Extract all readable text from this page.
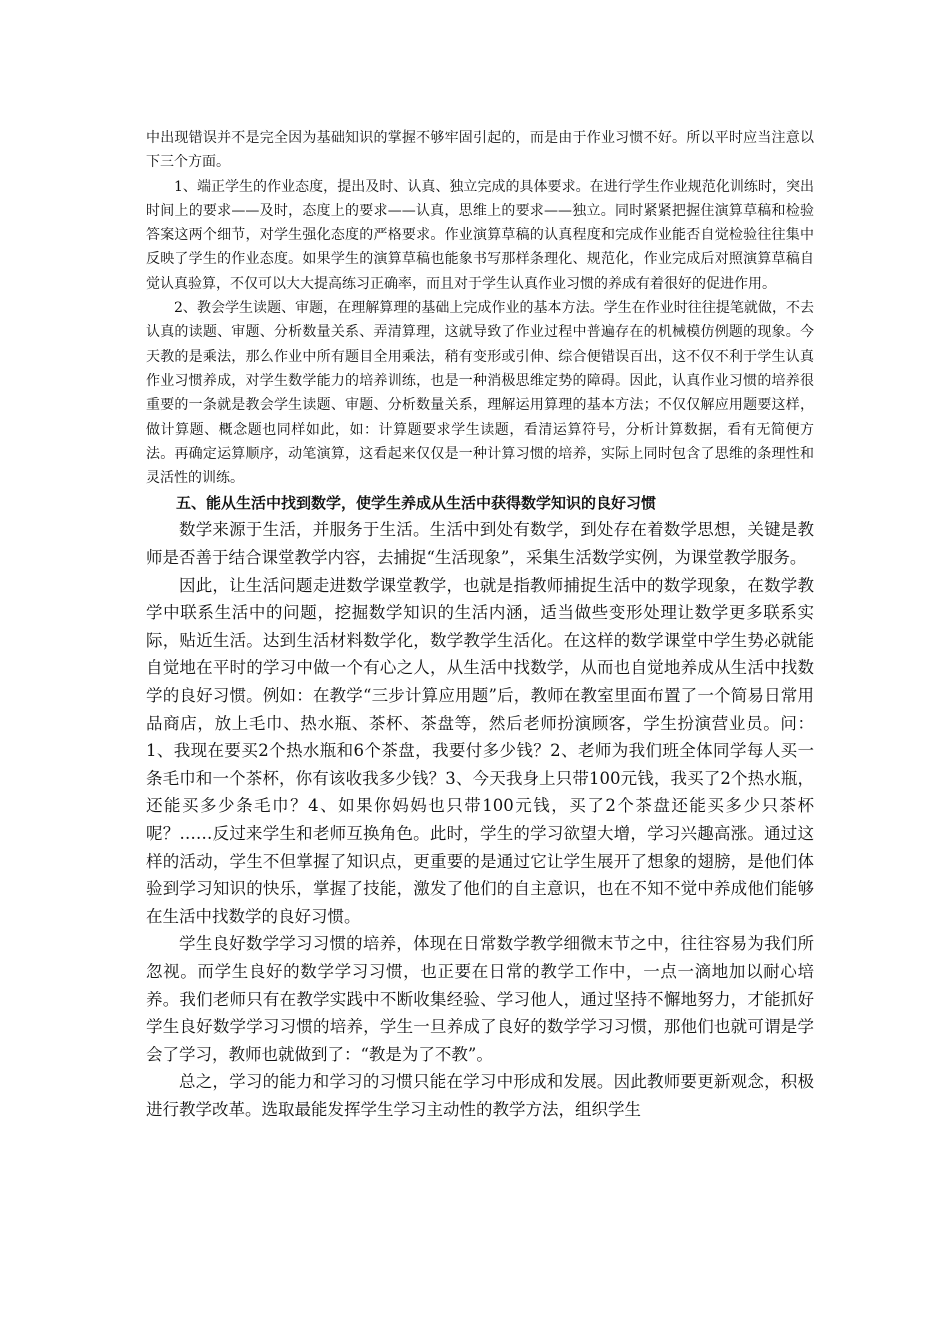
中出现错误并不是完全因为基础知识的掌握不够牢固引起的，而是由于作业习惯不好。所以平时应当注意以下三个方面。

1、端正学生的作业态度，提出及时、认真、独立完成的具体要求。在进行学生作业规范化训练时，突出时间上的要求——及时，态度上的要求——认真，思维上的要求——独立。同时紧紧把握住演算草稿和检验答案这两个细节，对学生强化态度的严格要求。作业演算草稿的认真程度和完成作业能否自觉检验往往集中反映了学生的作业态度。如果学生的演算草稿也能象书写那样条理化、规范化，作业完成后对照演算草稿自觉认真验算，不仅可以大大提高练习正确率，而且对于学生认真作业习惯的养成有着很好的促进作用。

2、教会学生读题、审题，在理解算理的基础上完成作业的基本方法。学生在作业时往往提笔就做，不去认真的读题、审题、分析数量关系、弄清算理，这就导致了作业过程中普遍存在的机械模仿例题的现象。今天教的是乘法，那么作业中所有题目全用乘法，稍有变形或引伸、综合便错误百出，这不仅不利于学生认真作业习惯养成，对学生数学能力的培养训练，也是一种消极思维定势的障碍。因此，认真作业习惯的培养很重要的一条就是教会学生读题、审题、分析数量关系，理解运用算理的基本方法；不仅仅解应用题要这样，做计算题、概念题也同样如此，如：计算题要求学生读题，看清运算符号，分析计算数据，看有无简便方法。再确定运算顺序，动笔演算，这看起来仅仅是一种计算习惯的培养，实际上同时包含了思维的条理性和灵活性的训练。

五、能从生活中找到数学，使学生养成从生活中获得数学知识的良好习惯

数学来源于生活，并服务于生活。生活中到处有数学，到处存在着数学思想，关键是教师是否善于结合课堂教学内容，去捕捉“生活现象”，采集生活数学实例，为课堂教学服务。

因此，让生活问题走进数学课堂教学，也就是指教师捕捉生活中的数学现象，在数学教学中联系生活中的问题，挖掘数学知识的生活内涵，适当做些变形处理让数学更多联系实际，贴近生活。达到生活材料数学化，数学教学生活化。在这样的数学课堂中学生势必就能自觉地在平时的学习中做一个有心之人，从生活中找数学，从而也自觉地养成从生活中找数学的良好习惯。例如：在教学“三步计算应用题”后，教师在教室里面布置了一个简易日常用品商店，放上毛巾、热水瓶、茶杯、茶盘等，然后老师扮演顾客，学生扮演营业员。问：1、我现在要买2个热水瓶和6个茶盘，我要付多少钱？2、老师为我们班全体同学每人买一条毛巾和一个茶杯，你有该收我多少钱？3、今天我身上只带100元钱，我买了2个热水瓶，还能买多少条毛巾？4、如果你妈妈也只带100元钱，买了2个茶盘还能买多少只茶杯呢？……反过来学生和老师互换角色。此时，学生的学习欲望大增，学习兴趣高涨。通过这样的活动，学生不但掌握了知识点，更重要的是通过它让学生展开了想象的翅膀，是他们体验到学习知识的快乐，掌握了技能，激发了他们的自主意识，也在不知不觉中养成他们能够在生活中找数学的良好习惯。

学生良好数学学习习惯的培养，体现在日常数学教学细微末节之中，往往容易为我们所忽视。而学生良好的数学学习习惯，也正要在日常的教学工作中，一点一滴地加以耐心培养。我们老师只有在教学实践中不断收集经验、学习他人，通过坚持不懈地努力，才能抓好学生良好数学学习习惯的培养，学生一旦养成了良好的数学学习习惯，那他们也就可谓是学会了学习，教师也就做到了：“教是为了不教”。

总之，学习的能力和学习的习惯只能在学习中形成和发展。因此教师要更新观念，积极进行教学改革。选取最能发挥学生学习主动性的教学方法，组织学生
